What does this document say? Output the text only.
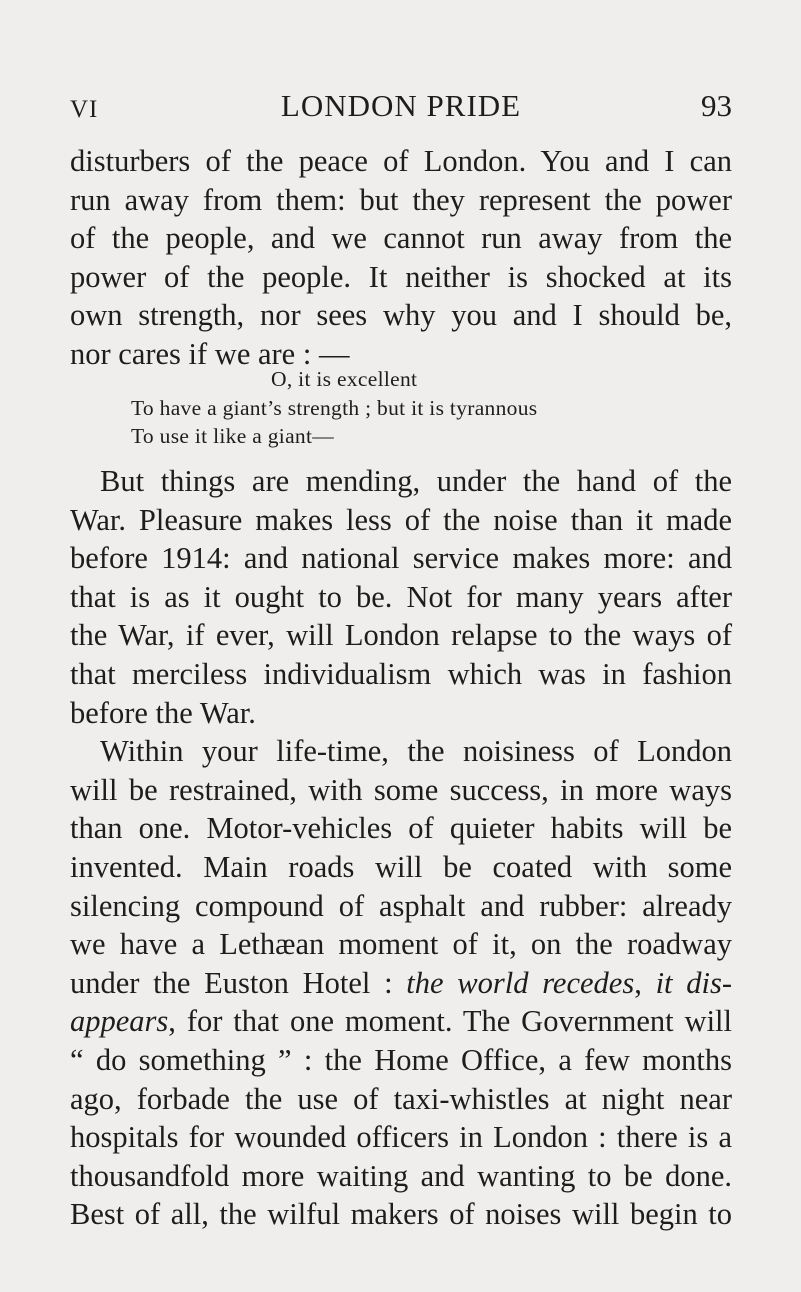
VI	LONDON PRIDE	93
disturbers of the peace of London. You and I can
run away from them: but they represent the power
of the people, and we cannot run away from the
power of the people. It neither is shocked at its
own strength, nor sees why you and I should be,
nor cares if we are : —
O, it is excellent
To have a giant’s strength ; but it is tyrannous
To use it like a giant—
But things are mending, under the hand of the
War. Pleasure makes less of the noise than it made
before 1914: and national service makes more: and
that is as it ought to be. Not for many years after
the War, if ever, will London relapse to the ways of
that merciless individualism which was in fashion
before the War.
Within your life-time, the noisiness of London
will be restrained, with some success, in more ways
than one. Motor-vehicles of quieter habits will be
invented. Main roads will be coated with some
silencing compound of asphalt and rubber: already
we have a Lethæan moment of it, on the roadway
under the Euston Hotel : the world recedes, it dis-
appears, for that one moment. The Government will
“ do something ” : the Home Office, a few months
ago, forbade the use of taxi-whistles at night near
hospitals for wounded officers in London : there is a
thousandfold more waiting and wanting to be done.
Best of all, the wilful makers of noises will begin to
